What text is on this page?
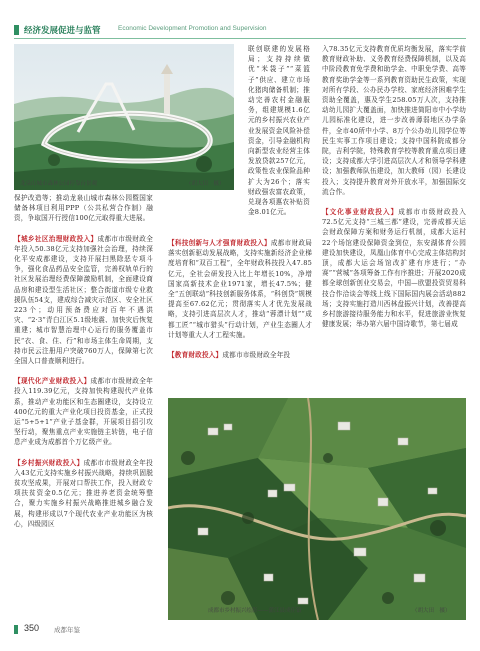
经济发展促进与监管	Economic Development Promotion and Supervision
龙泉山城市森林公园停靠台景观	（胡大田　摄）

保护改造等；推动龙泉山城市森林公园暨国家储备林项目利用PPP（公共私营合作制）融资，争取国开行授信100亿元取得重大进展。

【城乡社区治理财政投入】成都市市级财政全年投入50.38亿元支持加强社会治理，持续深化平安成都建设，支持开展扫黑除恶专项斗争，强化食品药品安全监管，完善权轨单行的社区发展治理经费保障激励机制，全面建设商品房和建设型生活社区；整合街道市级专业救援队伍54支，建成综合减灾示范区、安全社区223个；动用预备费应对百年不遇洪灾、“2·3”青白江区5.1级地震、加快灾后恢复重建；城市智慧治理中心运行的服务覆盖市民“衣、食、住、行”和市场主体生命周期，支持市民云注册用户突破760万人，保障第七次全国人口普查顺利进行。

【现代化产业财政投入】成都市市级财政全年投入119.39亿元，支持加快构建现代产业体系，推动产业功能区和生态圈建设，支持设立400亿元的重大产业化项目投资基金，正式投运“5+5+1”产业子基金群，开展项目招引攻坚行动，聚焦重点产业实施链主转链，电子信息产业成为成都首个万亿级产业。

【乡村振兴财政投入】成都市市级财政全年投入43亿元支持实施乡村振兴战略，持续巩固脱贫攻坚成果，开展对口帮扶工作，投入财政专项扶贫资金0.5亿元；推进养老资金统筹整合，聚力实施乡村振兴战略推进城乡融合发展，构建形成以7个现代农业产业功能区为核心，四级园区

联创联建的发展格局；支持持续做优“米袋子”“菜篮子”供应、建立市场化猪肉储备机制；推动完善农村金融服务，组建规模1.6亿元的乡村振兴农业产业发展资金风险补偿资金，引导金融机构向新型农业经营主体发放贷款257亿元，政策性农业保险品种扩大为26个；落实财政强农富农政策，兑现各项惠农补贴资金8.01亿元。

【科技创新与人才强育财政投入】成都市财政局落实创新驱动发展战略，支持实施新经济企业梯度培育和“双百工程”，全年财政科技投入47.85亿元，全社会研发投入比上年增长10%，净增国家高新技术企业1971家，增长47.5%；健全“五创联动”科技创新服务体系，“科创贷”规模提高至67.62亿元；贯彻落实人才优先发展战略，支持引进高层次人才，推动“蓉漂计划”“成都工匠”“城市猎头”行动计划，产业生态圈人才计划等重大人才工程实施。

【教育财政投入】成都市市级财政全年投

入78.35亿元支持教育优质均衡发展，落实学前教育财政补助、义务教育经费保障机制，以及高中阶段教育免学费和助学金、中职免学费、高等教育奖助学金等一系列教育资助民生政策，实现对所有学段、公办民办学校、家庭经济困难学生资助全覆盖，惠及学生258.05万人次，支持推动幼儿园扩大覆盖面，加快推进简阳市中小学幼儿园标准化建设，进一步改善薄弱地区办学条件，全市40所中小学、8万个公办幼儿园学位等民生实事工作项目建设；支持中国科院成都分院，吉利学院，特殊教育学校等教育重点项目建设；支持成都大学引进高层次人才和领导学科建设；加强教师队伍建设，加大教师（园）长建设投入；支持提升教育对外开放水平，加强国际交流合作。

【文化事业财政投入】成都市市级财政投入72.5亿元支持“三城三都”建设，完善成都天运会财政保障方案和财务运行机制，成都大运村22个场馆建设保障资金到位，东安湖体育公园建设加快建设，凤凰山体育中心完成主体结构封顶，成都大运会场馆改扩建有序进行；“办赛”“营城”各项筹备工作有序推进；开展2020成都全球创新创业交易会，中国—欧盟投资贸易科技合作洽谈会等线上线下国际国内展会活动882场；支持实施打造川西林盘振兴计划，改善提高乡村旅游接待服务能力和水平，促进旅游业恢复健康发展；举办第六届中国诗歌节，第七届成

成都市乡村振兴绘影——蒲江县成佳镇	（胡大田　摄）
350 成都年鉴
